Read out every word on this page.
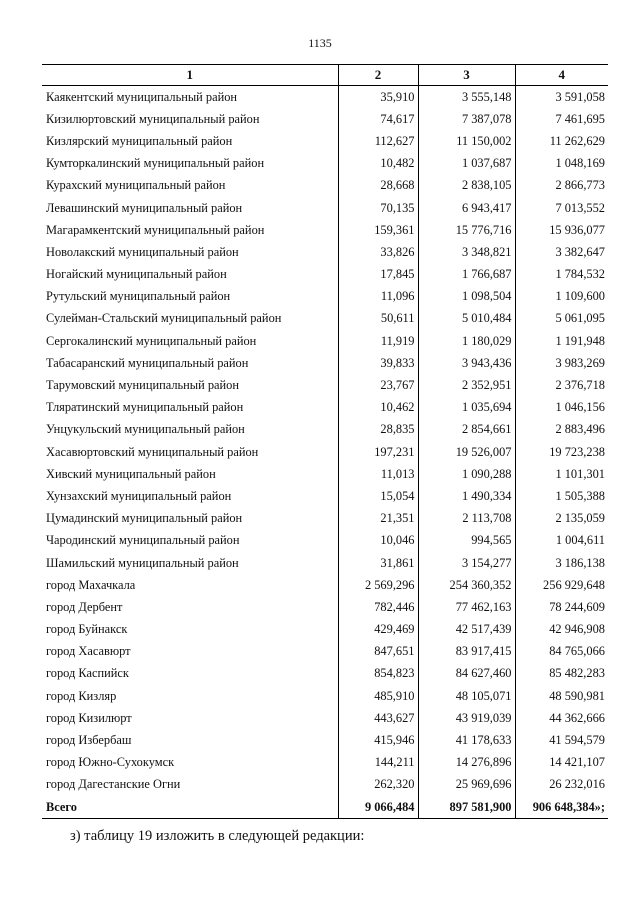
1135
1	2	3	4
Каякентский муниципальный район	35,910	3 555,148	3 591,058
Кизилюртовский муниципальный район	74,617	7 387,078	7 461,695
Кизлярский муниципальный район	112,627	11 150,002	11 262,629
Кумторкалинский муниципальный район	10,482	1 037,687	1 048,169
Курахский муниципальный район	28,668	2 838,105	2 866,773
Левашинский муниципальный район	70,135	6 943,417	7 013,552
Магарамкентский муниципальный район	159,361	15 776,716	15 936,077
Новолакский муниципальный район	33,826	3 348,821	3 382,647
Ногайский муниципальный район	17,845	1 766,687	1 784,532
Рутульский муниципальный район	11,096	1 098,504	1 109,600
Сулейман-Стальский муниципальный район	50,611	5 010,484	5 061,095
Сергокалинский муниципальный район	11,919	1 180,029	1 191,948
Табасаранский муниципальный район	39,833	3 943,436	3 983,269
Тарумовский муниципальный район	23,767	2 352,951	2 376,718
Тляратинский муниципальный район	10,462	1 035,694	1 046,156
Унцукульский муниципальный район	28,835	2 854,661	2 883,496
Хасавюртовский муниципальный район	197,231	19 526,007	19 723,238
Хивский муниципальный район	11,013	1 090,288	1 101,301
Хунзахский муниципальный район	15,054	1 490,334	1 505,388
Цумадинский муниципальный район	21,351	2 113,708	2 135,059
Чародинский муниципальный район	10,046	994,565	1 004,611
Шамильский муниципальный район	31,861	3 154,277	3 186,138
город Махачкала	2 569,296	254 360,352	256 929,648
город Дербент	782,446	77 462,163	78 244,609
город Буйнакск	429,469	42 517,439	42 946,908
город Хасавюрт	847,651	83 917,415	84 765,066
город Каспийск	854,823	84 627,460	85 482,283
город Кизляр	485,910	48 105,071	48 590,981
город Кизилюрт	443,627	43 919,039	44 362,666
город Избербаш	415,946	41 178,633	41 594,579
город Южно-Сухокумск	144,211	14 276,896	14 421,107
город Дагестанские Огни	262,320	25 969,696	26 232,016
Всего	9 066,484	897 581,900	906 648,384»;
з) таблицу 19 изложить в следующей редакции:
